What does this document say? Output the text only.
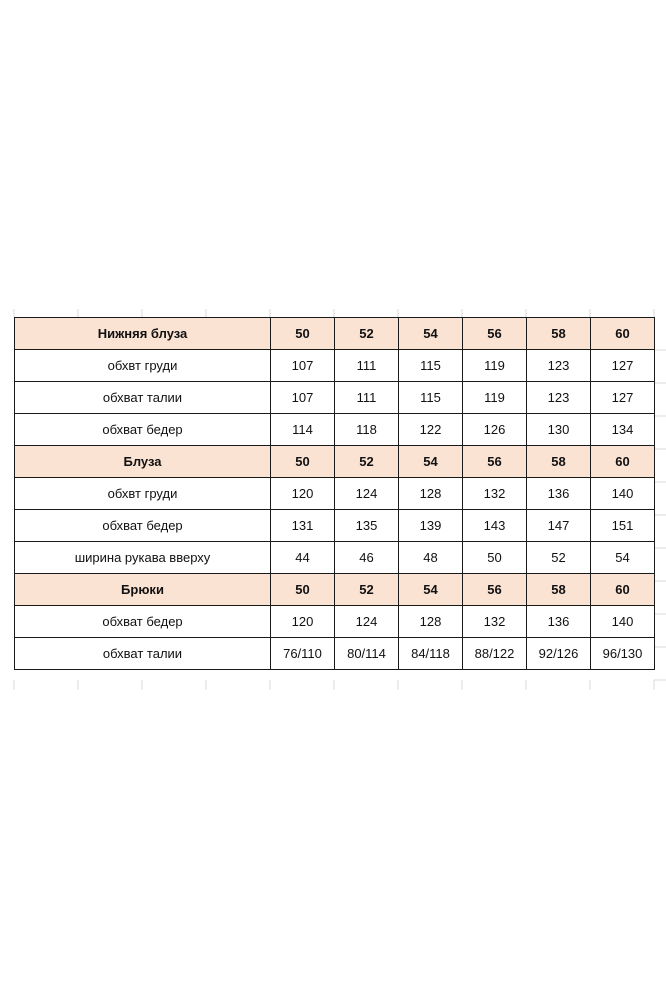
Нижняя блуза	50	52	54	56	58	60
обхвт груди	107	111	115	119	123	127
обхват талии	107	111	115	119	123	127
обхват бедер	114	118	122	126	130	134
Блуза	50	52	54	56	58	60
обхвт груди	120	124	128	132	136	140
обхват бедер	131	135	139	143	147	151
ширина рукава вверху	44	46	48	50	52	54
Брюки	50	52	54	56	58	60
обхват бедер	120	124	128	132	136	140
обхват талии	76/110	80/114	84/118	88/122	92/126	96/130
